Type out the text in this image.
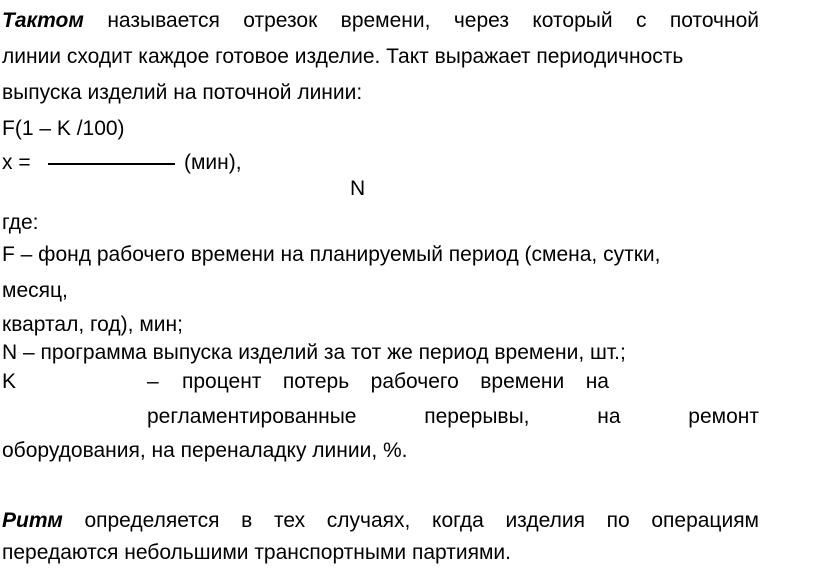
Тактом называется отрезок времени, через который с поточной
линии сходит каждое готовое изделие. Такт выражает периодичность
выпуска изделий на поточной линии:
F(1 – K /100)
x =	(мин),
N
где:
F – фонд рабочего времени на планируемый период (смена, сутки,
месяц,
квартал, год), мин;
N – программа выпуска изделий за тот же период времени, шт.;
K	– процент потерь рабочего времени на
регламентированные перерывы, на ремонт
оборудования, на переналадку линии, %.
Ритм определяется в тех случаях, когда изделия по операциям
передаются небольшими транспортными партиями.
